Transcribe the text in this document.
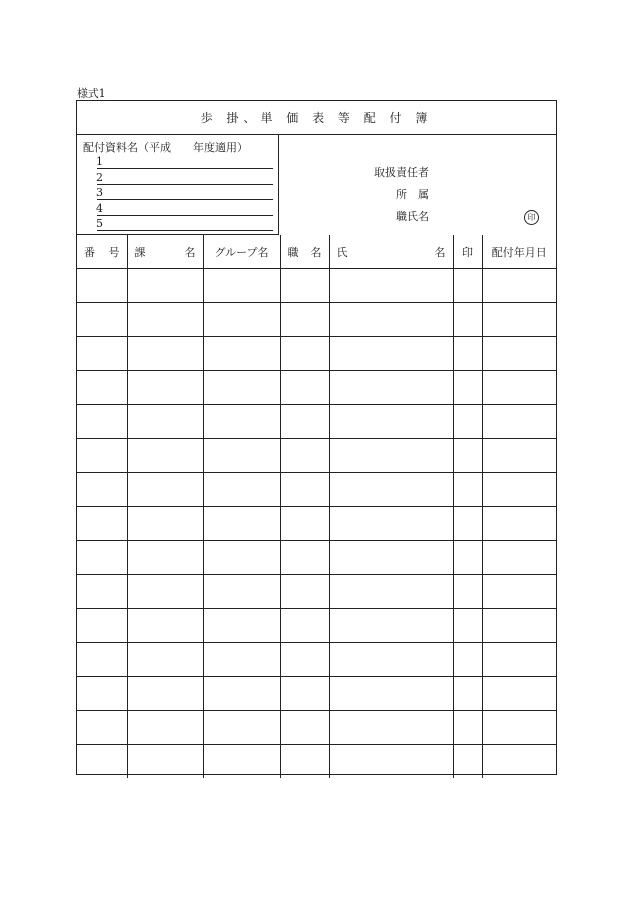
様式1
歩 掛、単 価 表 等 配 付 簿
配付資料名（平成　　年度適用）
1
2
3
4
5
取扱責任者
所　属
職氏名	印
番 号	課 名	グループ名	職 名	氏 名	印	配付年月日
